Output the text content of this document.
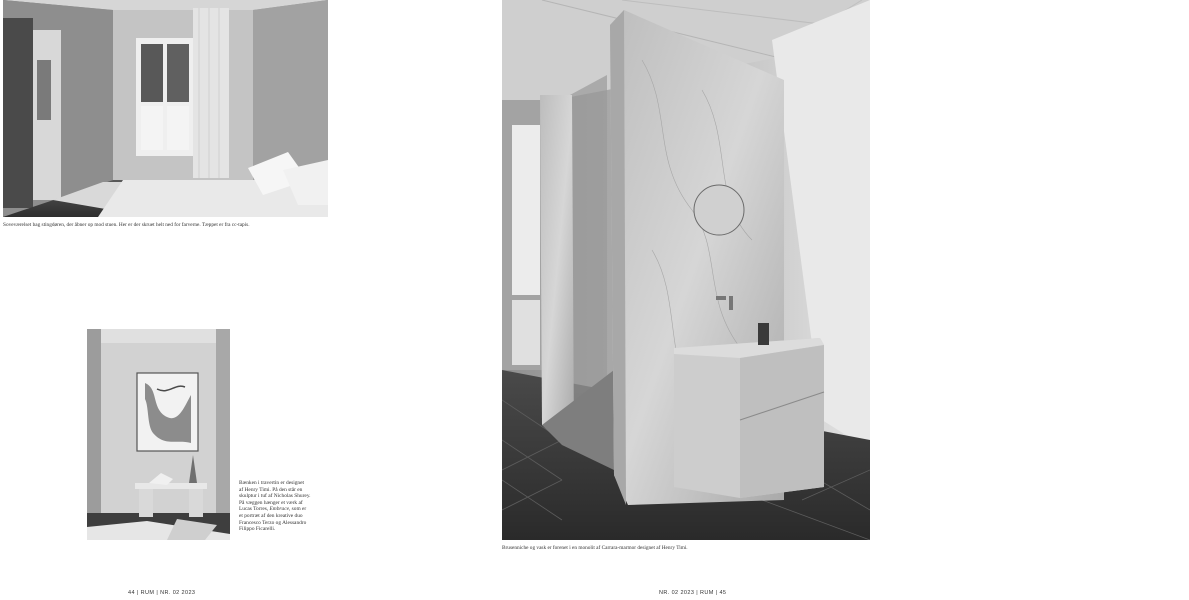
Soveværelset bag stingdøren, der åbner op mod stuen. Her er der skruet helt ned for farverne. Tæppet er fra cc-tapis.
Bænken i travertin er designet
af Henry Timi. På den står en
skulptur i tuf af Nicholas Shurey.
På væggen hænger et værk af
Lucas Torres, Embrace, som er
et portræt af den kreative duo
Francesco Terzo og Alessandro
Filippo Ficarelli.
44 | RUM | NR. 02 2023
Brusenniche og vask er forenet i en monolit af Carrara-marmor designet af Henry Timi.
NR. 02 2023 | RUM | 45
